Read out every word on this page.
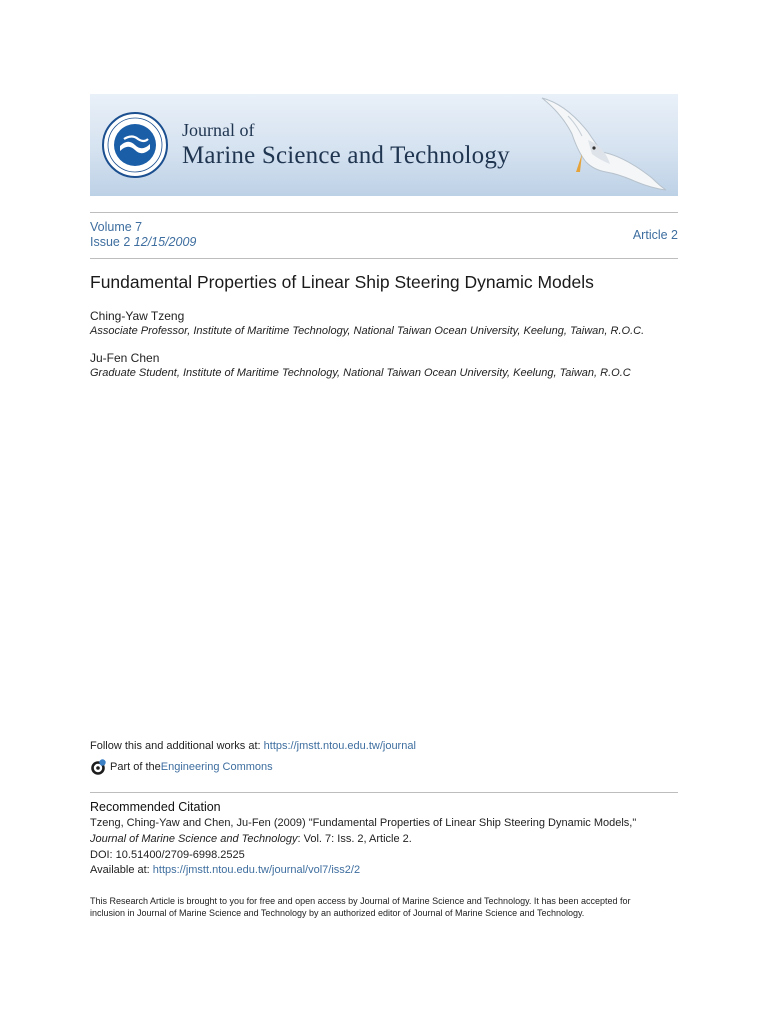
Journal of
Marine Science and Technology
Volume 7
Issue 2 12/15/2009	Article 2
Fundamental Properties of Linear Ship Steering Dynamic Models
Ching-Yaw Tzeng
Associate Professor, Institute of Maritime Technology, National Taiwan Ocean University, Keelung, Taiwan, R.O.C.
Ju-Fen Chen
Graduate Student, Institute of Maritime Technology, National Taiwan Ocean University, Keelung, Taiwan, R.O.C
Follow this and additional works at: https://jmstt.ntou.edu.tw/journal
Part of the Engineering Commons
Recommended Citation
Tzeng, Ching-Yaw and Chen, Ju-Fen (2009) "Fundamental Properties of Linear Ship Steering Dynamic Models,"
Journal of Marine Science and Technology: Vol. 7: Iss. 2, Article 2.
DOI: 10.51400/2709-6998.2525
Available at: https://jmstt.ntou.edu.tw/journal/vol7/iss2/2
This Research Article is brought to you for free and open access by Journal of Marine Science and Technology. It has been accepted for inclusion in Journal of Marine Science and Technology by an authorized editor of Journal of Marine Science and Technology.
